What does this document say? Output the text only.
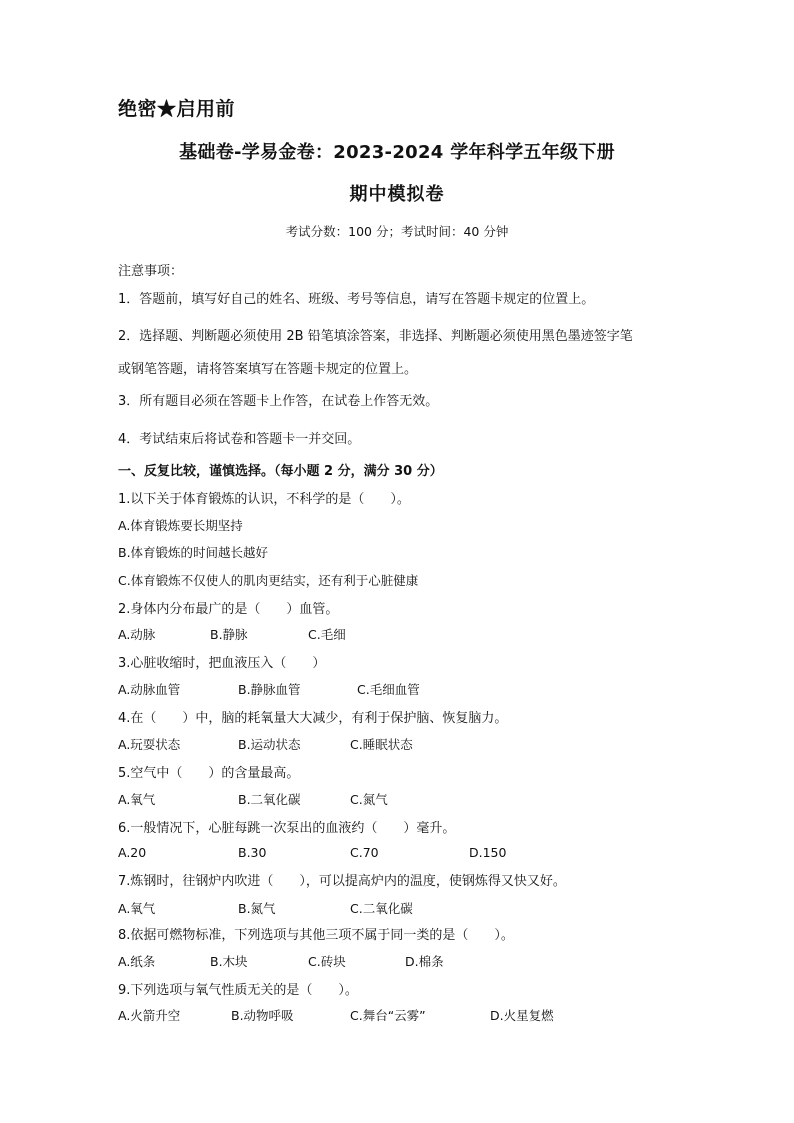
绝密★启用前
基础卷-学易金卷：2023-2024 学年科学五年级下册
期中模拟卷
考试分数：100 分；考试时间：40 分钟
注意事项：
1．答题前，填写好自己的姓名、班级、考号等信息，请写在答题卡规定的位置上。
2．选择题、判断题必须使用 2B 铅笔填涂答案，非选择、判断题必须使用黑色墨迹签字笔
或钢笔答题，请将答案填写在答题卡规定的位置上。
3．所有题目必须在答题卡上作答，在试卷上作答无效。
4．考试结束后将试卷和答题卡一并交回。
一、反复比较，谨慎选择。（每小题 2 分，满分 30 分）
1.以下关于体育锻炼的认识，不科学的是（　　）。
A.体育锻炼要长期坚持
B.体育锻炼的时间越长越好
C.体育锻炼不仅使人的肌肉更结实，还有利于心脏健康
2.身体内分布最广的是（　　）血管。
A.动脉	B.静脉	C.毛细
3.心脏收缩时，把血液压入（　　）
A.动脉血管	B.静脉血管	C.毛细血管
4.在（　　）中，脑的耗氧量大大减少，有利于保护脑、恢复脑力。
A.玩耍状态	B.运动状态	C.睡眠状态
5.空气中（　　）的含量最高。
A.氧气	B.二氧化碳	C.氮气
6.一般情况下，心脏每跳一次泵出的血液约（　　）毫升。
A.20	B.30	C.70	D.150
7.炼钢时，往钢炉内吹进（　　），可以提高炉内的温度，使钢炼得又快又好。
A.氧气	B.氮气	C.二氧化碳
8.依据可燃物标准，下列选项与其他三项不属于同一类的是（　　）。
A.纸条	B.木块	C.砖块	D.棉条
9.下列选项与氧气性质无关的是（　　）。
A.火箭升空	B.动物呼吸	C.舞台“云雾”	D.火星复燃
